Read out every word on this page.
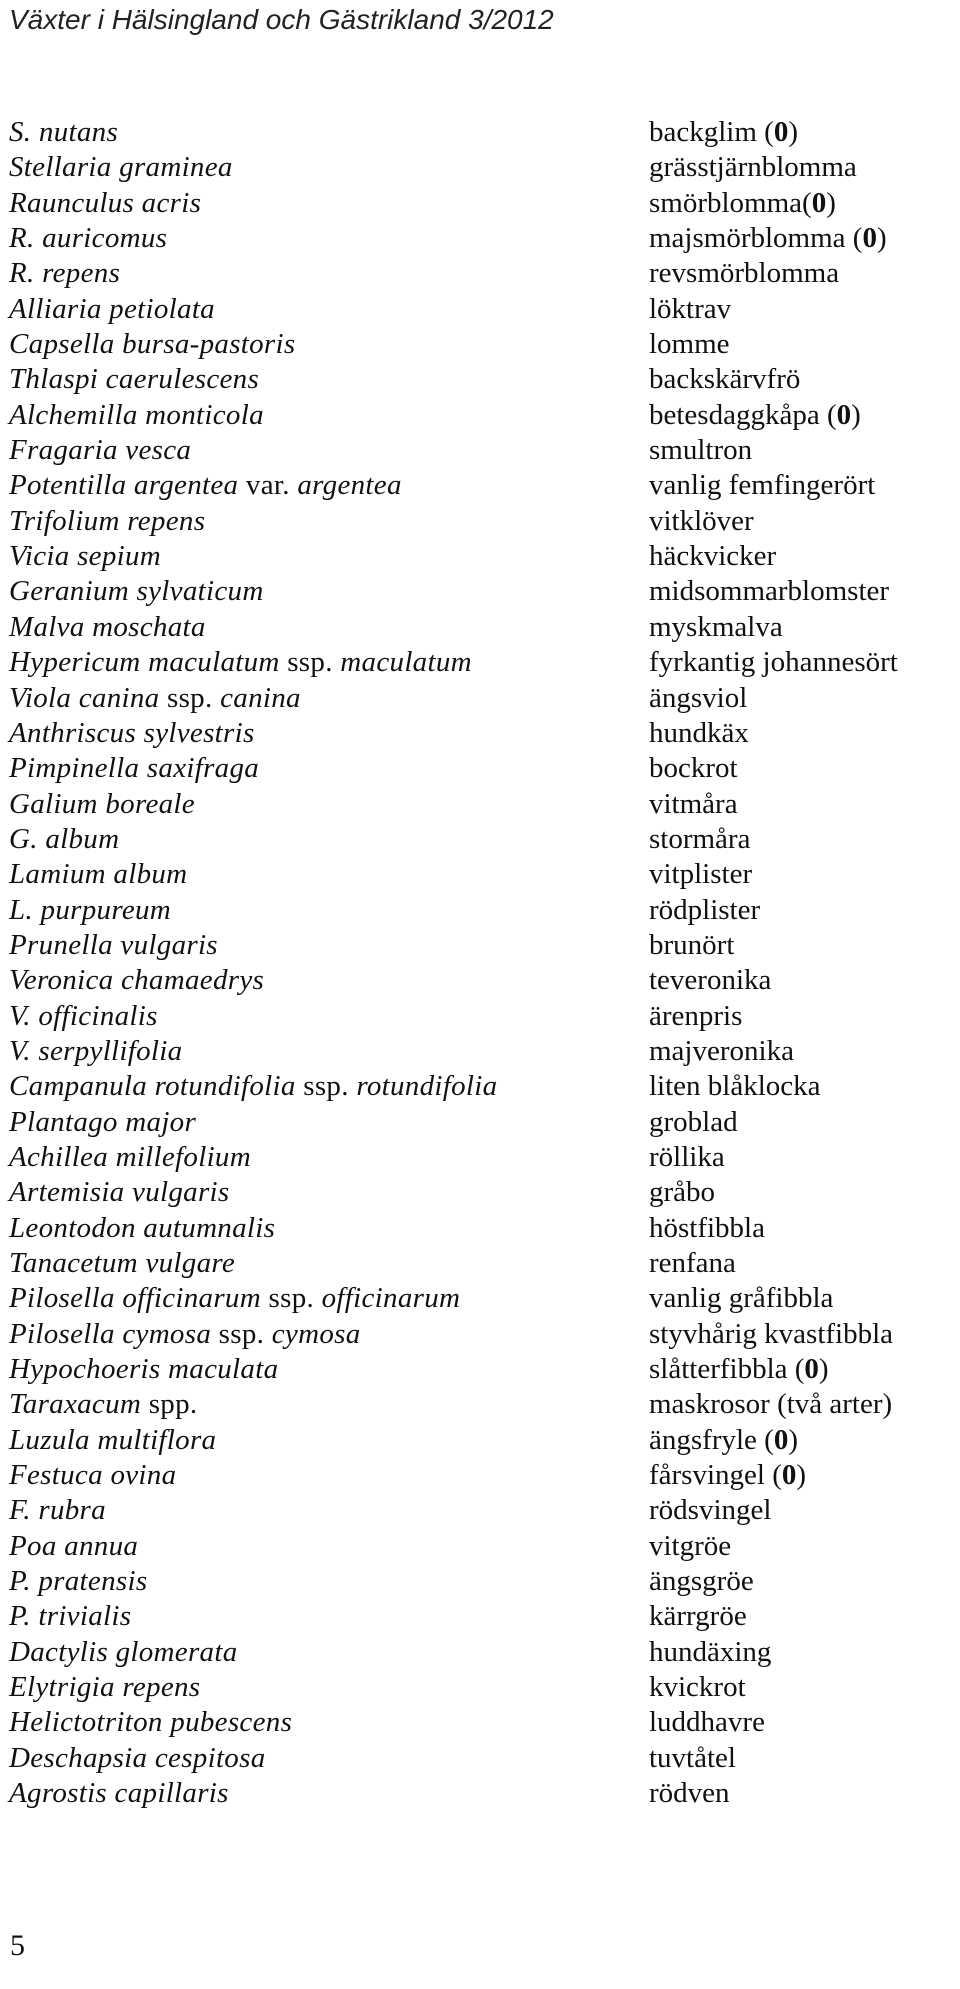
Växter i Hälsingland och Gästrikland 3/2012
S. nutans	backglim (0)
Stellaria graminea	grässtjärnblomma
Raunculus acris	smörblomma(0)
R. auricomus	majsmörblomma (0)
R. repens	revsmörblomma
Alliaria petiolata	löktrav
Capsella bursa-pastoris	lomme
Thlaspi caerulescens	backskärvfrö
Alchemilla monticola	betesdaggkåpa (0)
Fragaria vesca	smultron
Potentilla argentea var. argentea	vanlig femfingerört
Trifolium repens	vitklöver
Vicia sepium	häckvicker
Geranium sylvaticum	midsommarblomster
Malva moschata	myskmalva
Hypericum maculatum ssp. maculatum	fyrkantig johannesört
Viola canina ssp. canina	ängsviol
Anthriscus sylvestris	hundkäx
Pimpinella saxifraga	bockrot
Galium boreale	vitmåra
G. album	stormåra
Lamium album	vitplister
L. purpureum	rödplister
Prunella vulgaris	brunört
Veronica chamaedrys	teveronika
V. officinalis	ärenpris
V. serpyllifolia	majveronika
Campanula rotundifolia ssp. rotundifolia	liten blåklocka
Plantago major	groblad
Achillea millefolium	röllika
Artemisia vulgaris	gråbo
Leontodon autumnalis	höstfibbla
Tanacetum vulgare	renfana
Pilosella officinarum ssp. officinarum	vanlig gråfibbla
Pilosella cymosa ssp. cymosa	styvhårig kvastfibbla
Hypochoeris maculata	slåtterfibbla (0)
Taraxacum spp.	maskrosor (två arter)
Luzula multiflora	ängsfryle (0)
Festuca ovina	fårsvingel (0)
F. rubra	rödsvingel
Poa annua	vitgröe
P. pratensis	ängsgröe
P. trivialis	kärrgröe
Dactylis glomerata	hundäxing
Elytrigia repens	kvickrot
Helictotriton pubescens	luddhavre
Deschapsia cespitosa	tuvtåtel
Agrostis capillaris	rödven
5
